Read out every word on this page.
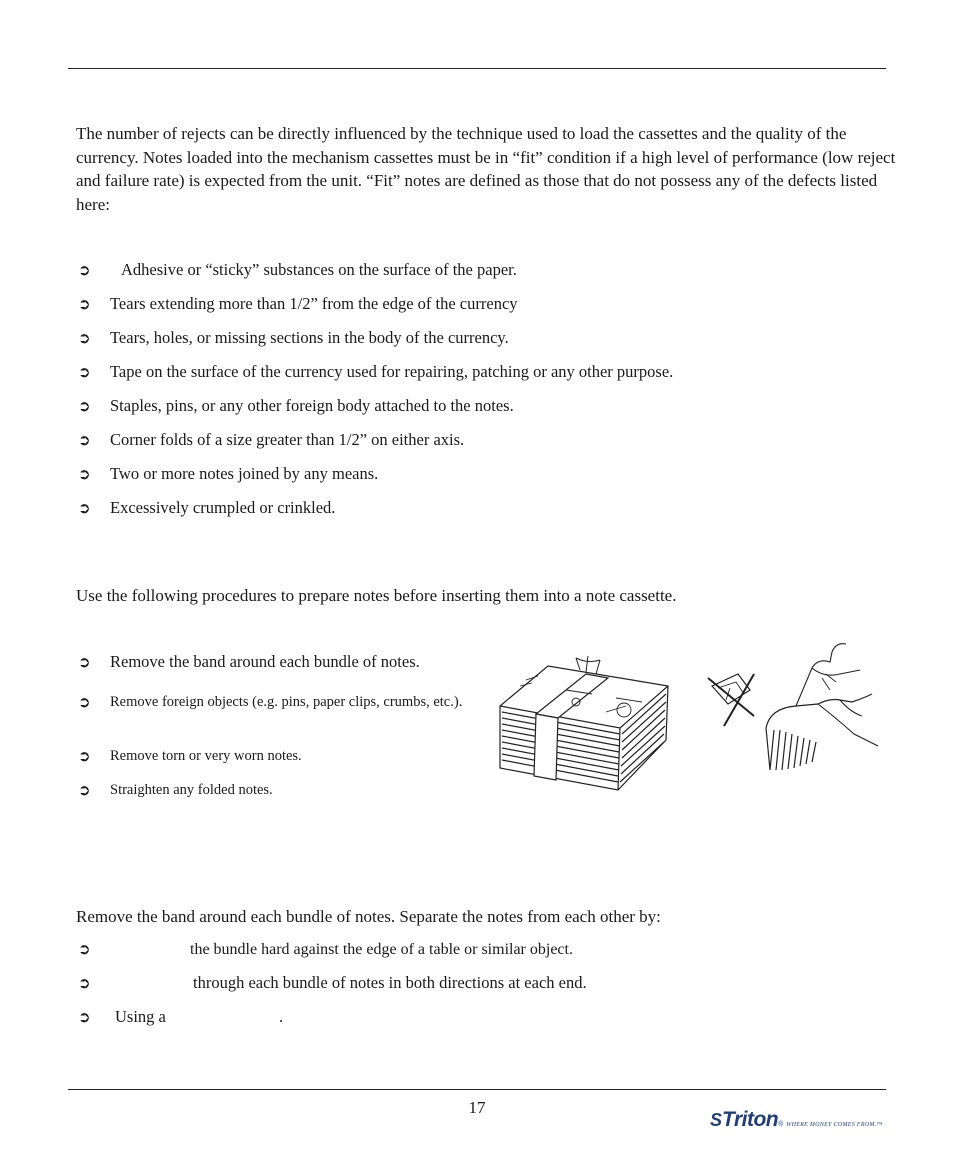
The number of rejects can be directly influenced by the technique used to load the cassettes and the quality of the currency. Notes loaded into the mechanism cassettes must be in “fit” condition if a high level of performance (low reject and failure rate) is expected from the unit. “Fit” notes are defined as those that do not possess any of the defects listed here:

➲ Adhesive or “sticky” substances on the surface of the paper.
➲ Tears extending more than 1/2” from the edge of the currency
➲ Tears, holes, or missing sections in the body of the currency.
➲ Tape on the surface of the currency used for repairing, patching or any other purpose.
➲ Staples, pins, or any other foreign body attached to the notes.
➲ Corner folds of a size greater than 1/2” on either axis.
➲ Two or more notes joined by any means.
➲ Excessively crumpled or crinkled.

Use the following procedures to prepare notes before inserting them into a note cassette.

➲ Remove the band around each bundle of notes.
➲ Remove foreign objects (e.g. pins, paper clips, crumbs, etc.).
➲ Remove torn or very worn notes.
➲ Straighten any folded notes.

Remove the band around each bundle of notes. Separate the notes from each other by:

➲	the bundle hard against the edge of a table or similar object.
➲	through each bundle of notes in both directions at each end.
➲ Using a	.
17
S Triton ® WHERE MONEY COMES FROM.™
